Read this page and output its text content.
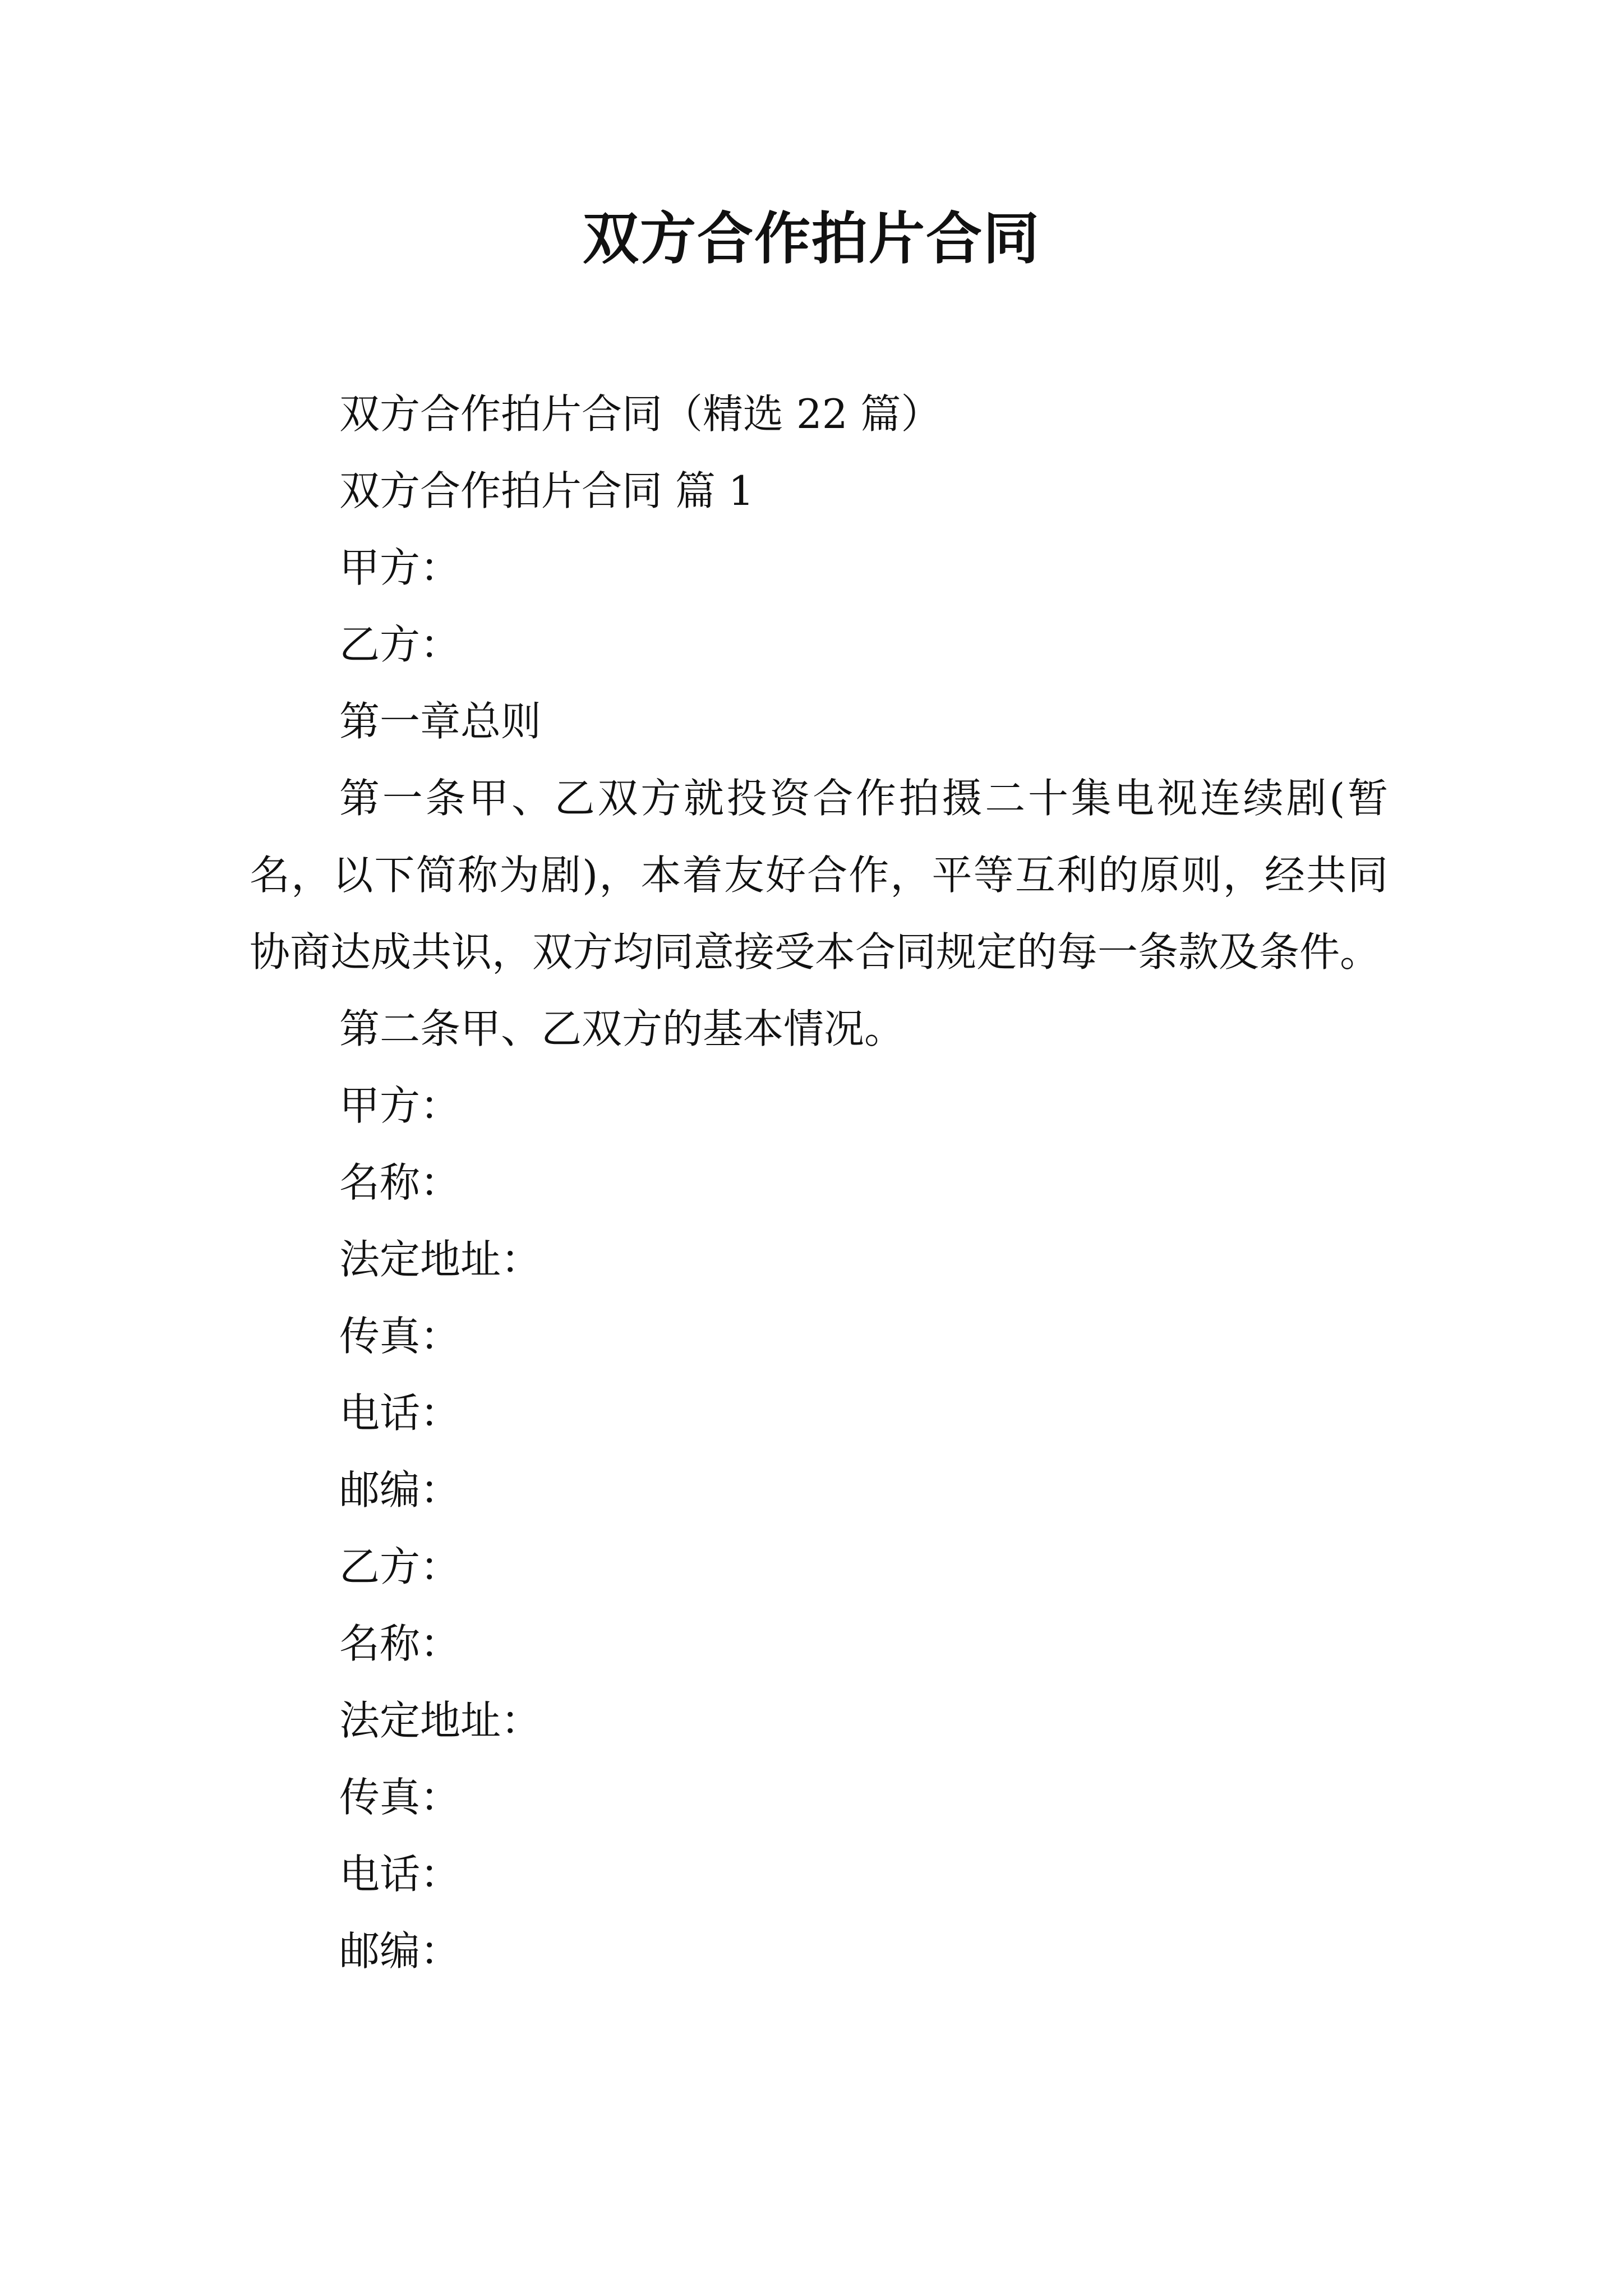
双方合作拍片合同

双方合作拍片合同（精选 22 篇）

双方合作拍片合同 篇 1

甲方：

乙方：

第一章总则

第一条甲、乙双方就投资合作拍摄二十集电视连续剧(暂名，以下简称为剧)，本着友好合作，平等互利的原则，经共同协商达成共识，双方均同意接受本合同规定的每一条款及条件。

第二条甲、乙双方的基本情况。

甲方：

名称：

法定地址：

传真：

电话：

邮编：

乙方：

名称：

法定地址：

传真：

电话：

邮编：
